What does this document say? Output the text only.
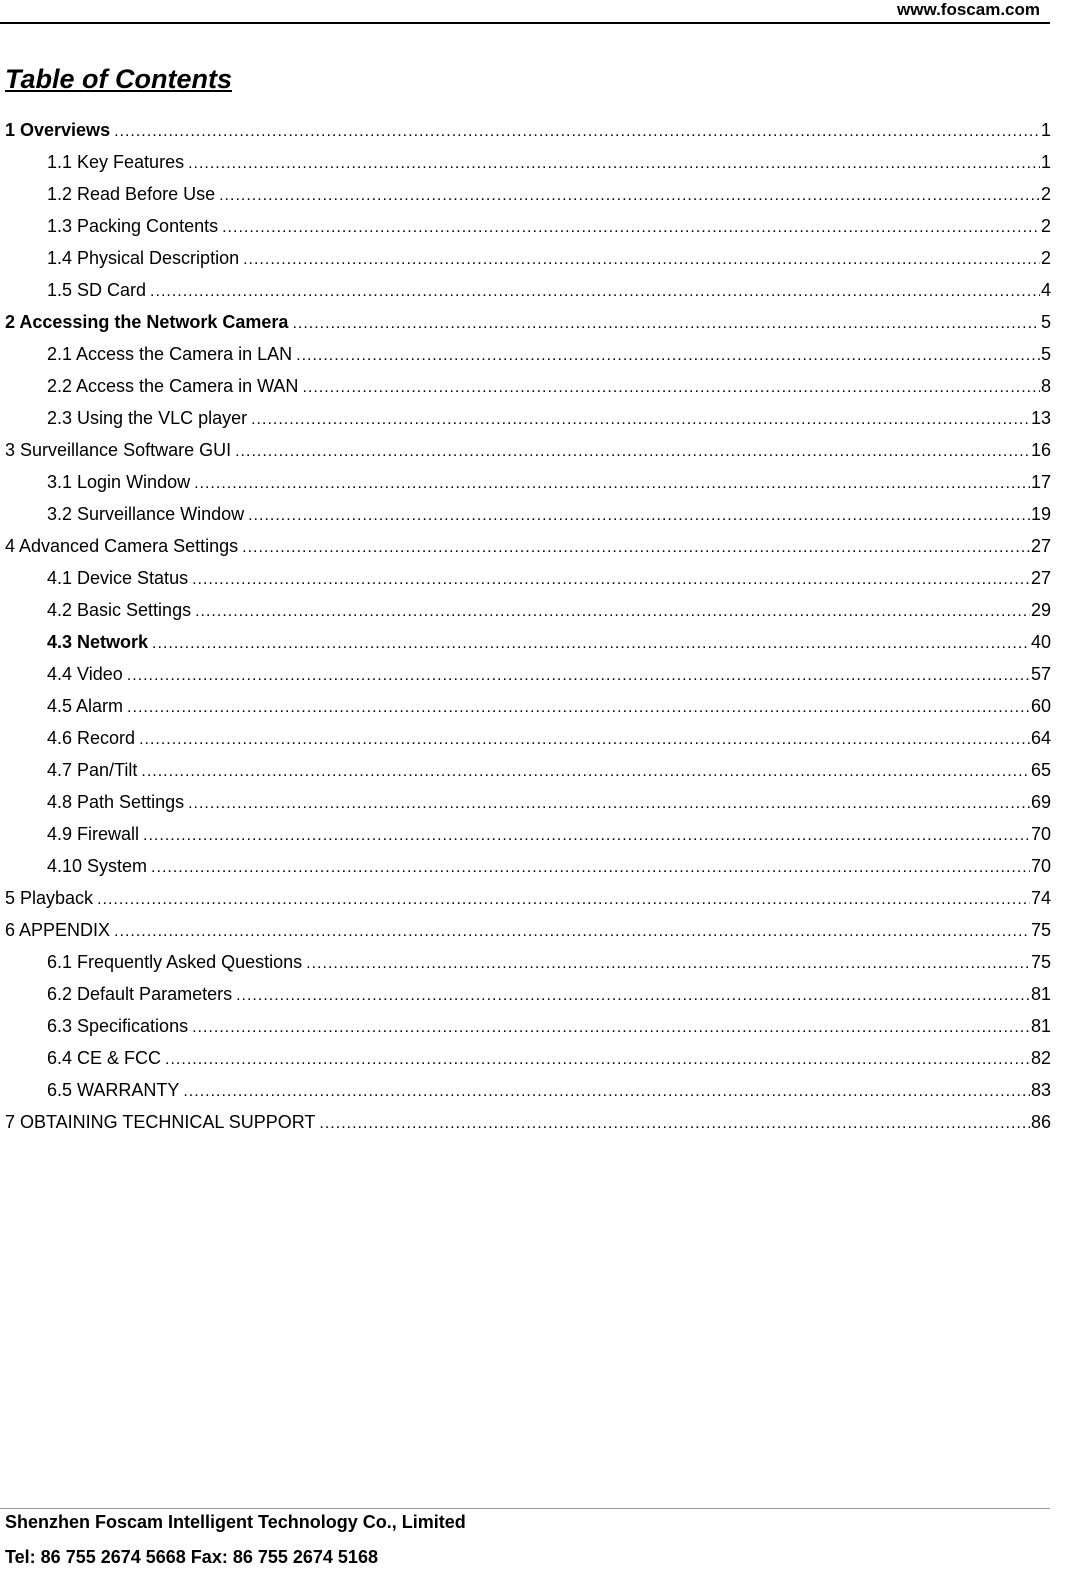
www.foscam.com
Table of Contents
1 Overviews .....	1
1.1 Key Features .....	1
1.2 Read Before Use .....	2
1.3 Packing Contents .....	2
1.4 Physical Description .....	2
1.5 SD Card .....	4
2 Accessing the Network Camera .....	5
2.1 Access the Camera in LAN .....	5
2.2 Access the Camera in WAN .....	8
2.3 Using the VLC player .....	13
3 Surveillance Software GUI .....	16
3.1 Login Window .....	17
3.2 Surveillance Window .....	19
4 Advanced Camera Settings .....	27
4.1 Device Status .....	27
4.2 Basic Settings .....	29
4.3 Network .....	40
4.4 Video .....	57
4.5 Alarm .....	60
4.6 Record .....	64
4.7 Pan/Tilt .....	65
4.8 Path Settings .....	69
4.9 Firewall .....	70
4.10 System .....	70
5 Playback .....	74
6 APPENDIX .....	75
6.1 Frequently Asked Questions .....	75
6.2 Default Parameters .....	81
6.3 Specifications .....	81
6.4 CE & FCC .....	82
6.5 WARRANTY .....	83
7 OBTAINING TECHNICAL SUPPORT .....	86
Shenzhen Foscam Intelligent Technology Co., Limited
Tel: 86 755 2674 5668 Fax: 86 755 2674 5168
